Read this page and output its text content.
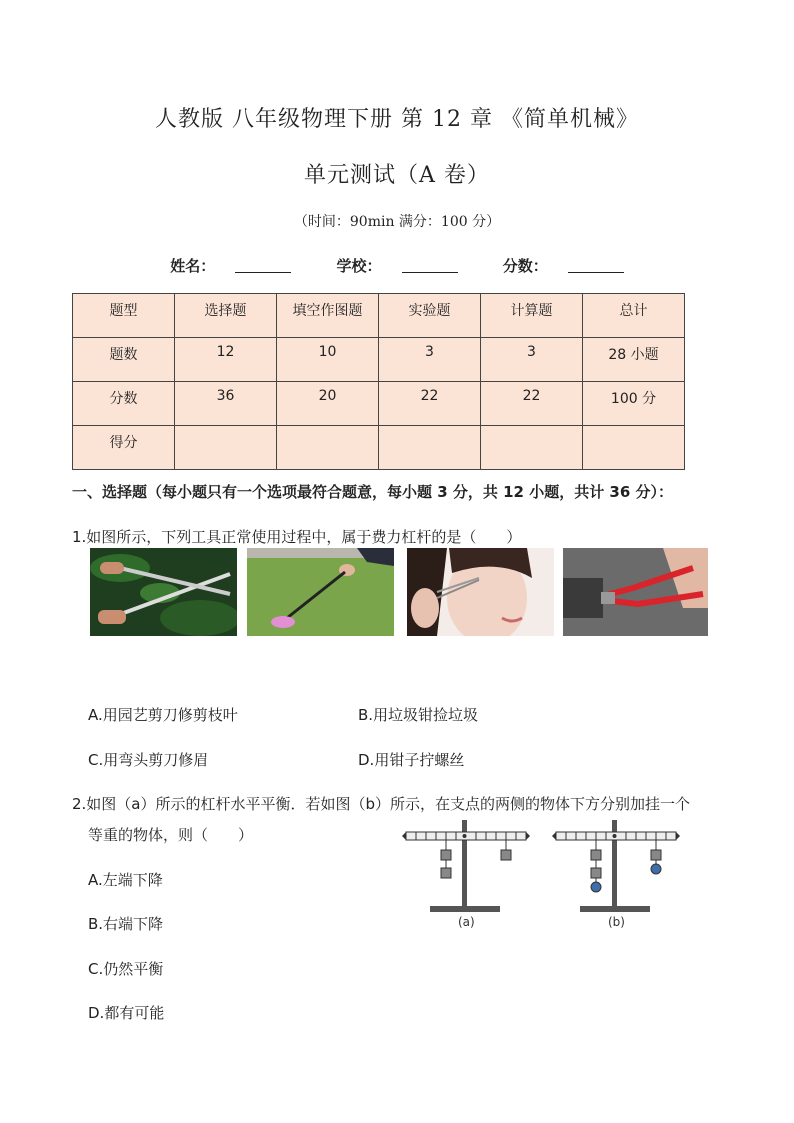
人教版 八年级物理下册 第 12 章 《简单机械》
单元测试（A 卷）
（时间：90min 满分：100 分）
姓名：	学校：	分数：
题型	选择题	填空作图题	实验题	计算题	总计
题数	12	10	3	3	28 小题
分数	36	20	22	22	100 分
得分					
一、选择题（每小题只有一个选项最符合题意，每小题 3 分，共 12 小题，共计 36 分）：
1.如图所示，下列工具正常使用过程中，属于费力杠杆的是（　　）
A.用园艺剪刀修剪枝叶	B.用垃圾钳捡垃圾
C.用弯头剪刀修眉	D.用钳子拧螺丝
2.如图（a）所示的杠杆水平平衡．若如图（b）所示，在支点的两侧的物体下方分别加挂一个
等重的物体，则（　　）
A.左端下降
B.右端下降
C.仍然平衡
D.都有可能
(a)	(b)
